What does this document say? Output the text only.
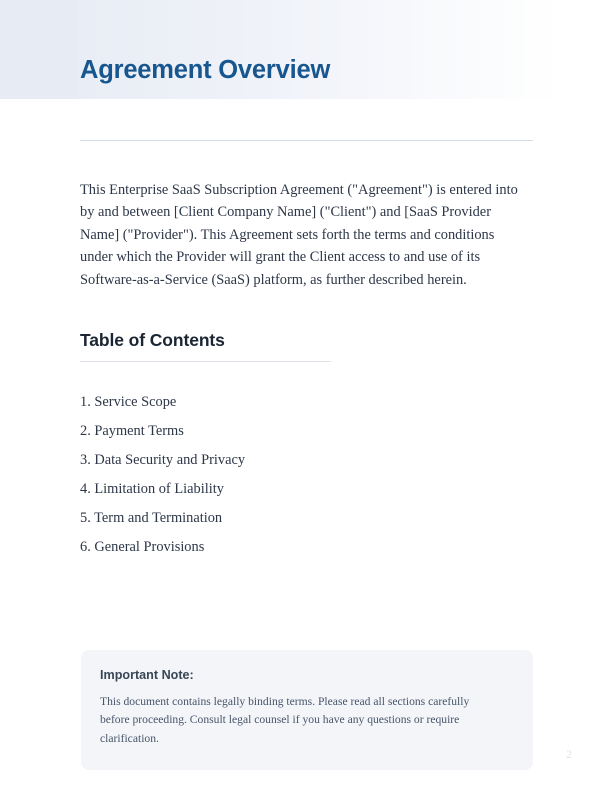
Agreement Overview

This Enterprise SaaS Subscription Agreement ("Agreement") is entered into by and between [Client Company Name] ("Client") and [SaaS Provider Name] ("Provider"). This Agreement sets forth the terms and conditions under which the Provider will grant the Client access to and use of its Software-as-a-Service (SaaS) platform, as further described herein.

Table of Contents
1. Service Scope
2. Payment Terms
3. Data Security and Privacy
4. Limitation of Liability
5. Term and Termination
6. General Provisions

Important Note:

This document contains legally binding terms. Please read all sections carefully before proceeding. Consult legal counsel if you have any questions or require clarification.

2
